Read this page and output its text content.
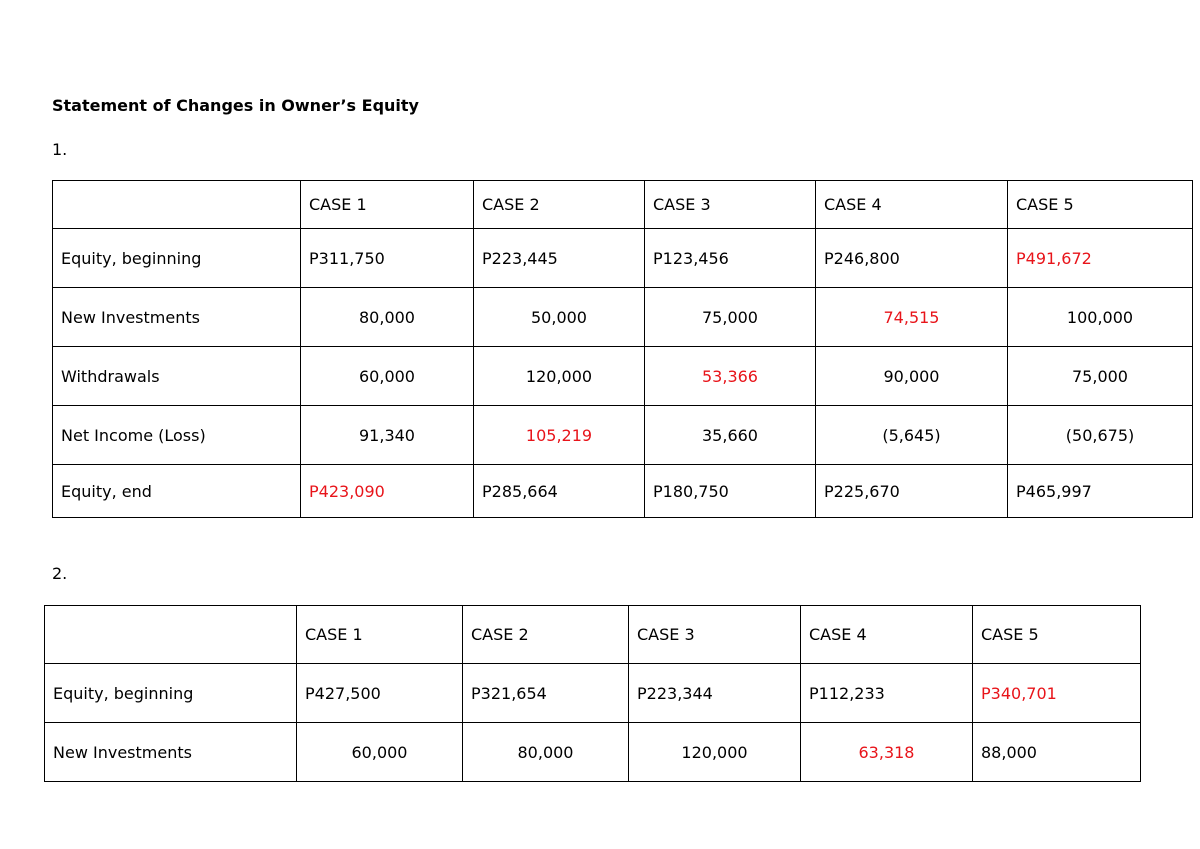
Statement of Changes in Owner’s Equity
1.
	CASE 1	CASE 2	CASE 3	CASE 4	CASE 5
Equity, beginning	P311,750	P223,445	P123,456	P246,800	P491,672
New Investments	80,000	50,000	75,000	74,515	100,000
Withdrawals	60,000	120,000	53,366	90,000	75,000
Net Income (Loss)	91,340	105,219	35,660	(5,645)	(50,675)
Equity, end	P423,090	P285,664	P180,750	P225,670	P465,997
2.
	CASE 1	CASE 2	CASE 3	CASE 4	CASE 5
Equity, beginning	P427,500	P321,654	P223,344	P112,233	P340,701
New Investments	60,000	80,000	120,000	63,318	88,000
